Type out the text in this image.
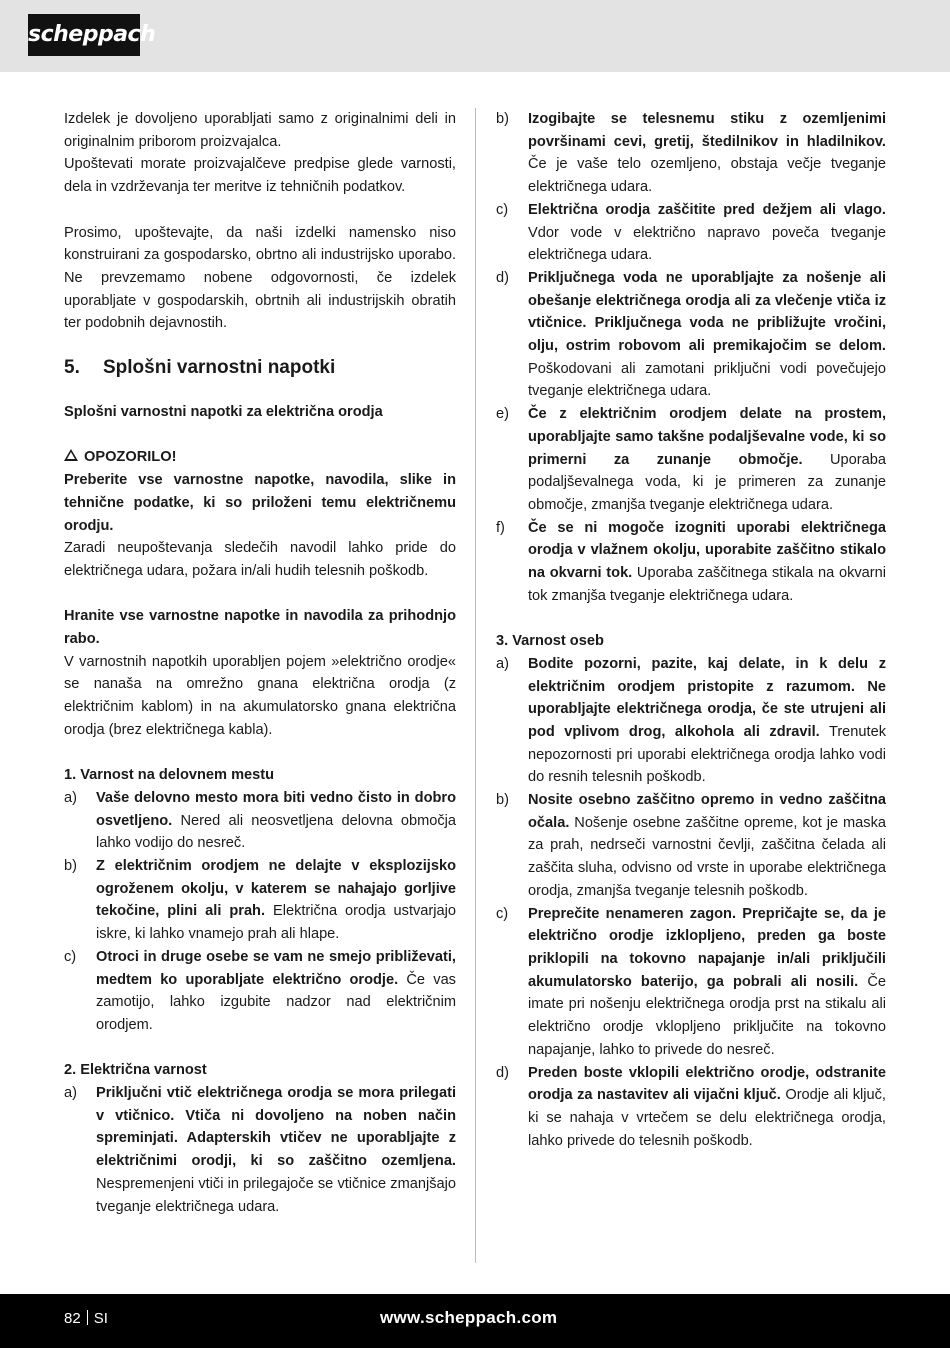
scheppach

Izdelek je dovoljeno uporabljati samo z originalnimi deli in originalnim priborom proizvajalca.

Upoštevati morate proizvajalčeve predpise glede varnosti, dela in vzdrževanja ter meritve iz tehničnih podatkov.

Prosimo, upoštevajte, da naši izdelki namensko niso konstruirani za gospodarsko, obrtno ali industrijsko uporabo. Ne prevzemamo nobene odgovornosti, če izdelek uporabljate v gospodarskih, obrtnih ali industrijskih obratih ter podobnih dejavnostih.

5. Splošni varnostni napotki

Splošni varnostni napotki za električna orodja

OPOZORILO!

Preberite vse varnostne napotke, navodila, slike in tehnične podatke, ki so priloženi temu električnemu orodju.

Zaradi neupoštevanja sledečih navodil lahko pride do električnega udara, požara in/ali hudih telesnih poškodb.

Hranite vse varnostne napotke in navodila za prihodnjo rabo.

V varnostnih napotkih uporabljen pojem »električno orodje« se nanaša na omrežno gnana električna orodja (z električnim kablom) in na akumulatorsko gnana električna orodja (brez električnega kabla).

1. Varnost na delovnem mestu

a)	Vaše delovno mesto mora biti vedno čisto in dobro osvetljeno. Nered ali neosvetljena delovna območja lahko vodijo do nesreč.
b)	Z električnim orodjem ne delajte v eksplozijsko ogroženem okolju, v katerem se nahajajo gorljive tekočine, plini ali prah. Električna orodja ustvarjajo iskre, ki lahko vnamejo prah ali hlape.
c)	Otroci in druge osebe se vam ne smejo približevati, medtem ko uporabljate električno orodje. Če vas zamotijo, lahko izgubite nadzor nad električnim orodjem.

2. Električna varnost

a)	Priključni vtič električnega orodja se mora prilegati v vtičnico. Vtiča ni dovoljeno na noben način spreminjati. Adapterskih vtičev ne uporabljajte z električnimi orodji, ki so zaščitno ozemljena. Nespremenjeni vtiči in prilegajoče se vtičnice zmanjšajo tveganje električnega udara.
b)	Izogibajte se telesnemu stiku z ozemljenimi površinami cevi, gretij, štedilnikov in hladilnikov. Če je vaše telo ozemljeno, obstaja večje tveganje električnega udara.
c)	Električna orodja zaščitite pred dežjem ali vlago. Vdor vode v električno napravo poveča tveganje električnega udara.
d)	Priključnega voda ne uporabljajte za nošenje ali obešanje električnega orodja ali za vlečenje vtiča iz vtičnice. Priključnega voda ne približujte vročini, olju, ostrim robovom ali premikajočim se delom. Poškodovani ali zamotani priključni vodi povečujejo tveganje električnega udara.
e)	Če z električnim orodjem delate na prostem, uporabljajte samo takšne podaljševalne vode, ki so primerni za zunanje območje. Uporaba podaljševalnega voda, ki je primeren za zunanje območje, zmanjša tveganje električnega udara.
f)	Če se ni mogoče izogniti uporabi električnega orodja v vlažnem okolju, uporabite zaščitno stikalo na okvarni tok. Uporaba zaščitnega stikala na okvarni tok zmanjša tveganje električnega udara.

3. Varnost oseb

a)	Bodite pozorni, pazite, kaj delate, in k delu z električnim orodjem pristopite z razumom. Ne uporabljajte električnega orodja, če ste utrujeni ali pod vplivom drog, alkohola ali zdravil. Trenutek nepozornosti pri uporabi električnega orodja lahko vodi do resnih telesnih poškodb.
b)	Nosite osebno zaščitno opremo in vedno zaščitna očala. Nošenje osebne zaščitne opreme, kot je maska za prah, nedrseči varnostni čevlji, zaščitna čelada ali zaščita sluha, odvisno od vrste in uporabe električnega orodja, zmanjša tveganje telesnih poškodb.
c)	Preprečite nenameren zagon. Prepričajte se, da je električno orodje izklopljeno, preden ga boste priklopili na tokovno napajanje in/ali priključili akumulatorsko baterijo, ga pobrali ali nosili. Če imate pri nošenju električnega orodja prst na stikalu ali električno orodje vklopljeno priključite na tokovno napajanje, lahko to privede do nesreč.
d)	Preden boste vklopili električno orodje, odstranite orodja za nastavitev ali vijačni ključ. Orodje ali ključ, ki se nahaja v vrtečem se delu električnega orodja, lahko privede do telesnih poškodb.
82 SI	www.scheppach.com
